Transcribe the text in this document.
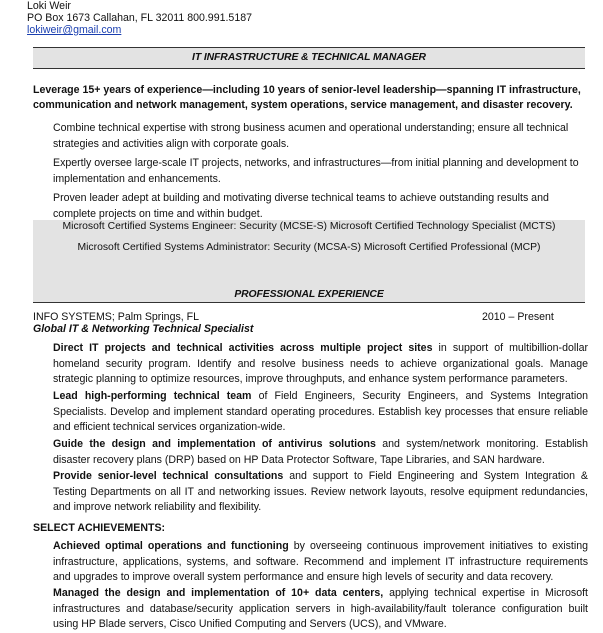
Loki Weir
PO Box 1673 Callahan, FL 32011 800.991.5187
lokiweir@gmail.com
IT INFRASTRUCTURE & TECHNICAL MANAGER
Leverage 15+ years of experience—including 10 years of senior-level leadership—spanning IT infrastructure, communication and network management, system operations, service management, and disaster recovery.
Combine technical expertise with strong business acumen and operational understanding; ensure all technical strategies and activities align with corporate goals.
Expertly oversee large-scale IT projects, networks, and infrastructures—from initial planning and development to implementation and enhancements.
Proven leader adept at building and motivating diverse technical teams to achieve outstanding results and complete projects on time and within budget.
Microsoft Certified Systems Engineer: Security (MCSE-S) Microsoft Certified Technology Specialist (MCTS)
Microsoft Certified Systems Administrator: Security (MCSA-S) Microsoft Certified Professional (MCP)
PROFESSIONAL EXPERIENCE
INFO SYSTEMS; Palm Springs, FL	2010 – Present
Global IT & Networking Technical Specialist
Direct IT projects and technical activities across multiple project sites in support of multibillion-dollar homeland security program. Identify and resolve business needs to achieve organizational goals. Manage strategic planning to optimize resources, improve throughputs, and enhance system performance parameters.
Lead high-performing technical team of Field Engineers, Security Engineers, and Systems Integration Specialists. Develop and implement standard operating procedures. Establish key processes that ensure reliable and efficient technical services organization-wide.
Guide the design and implementation of antivirus solutions and system/network monitoring. Establish disaster recovery plans (DRP) based on HP Data Protector Software, Tape Libraries, and SAN hardware.
Provide senior-level technical consultations and support to Field Engineering and System Integration & Testing Departments on all IT and networking issues. Review network layouts, resolve equipment redundancies, and improve network reliability and flexibility.
SELECT ACHIEVEMENTS:
Achieved optimal operations and functioning by overseeing continuous improvement initiatives to existing infrastructure, applications, systems, and software. Recommend and implement IT infrastructure requirements and upgrades to improve overall system performance and ensure high levels of security and data recovery.
Managed the design and implementation of 10+ data centers, applying technical expertise in Microsoft infrastructures and database/security application servers in high-availability/fault tolerance configuration built using HP Blade servers, Cisco Unified Computing and Servers (UCS), and VMware.
